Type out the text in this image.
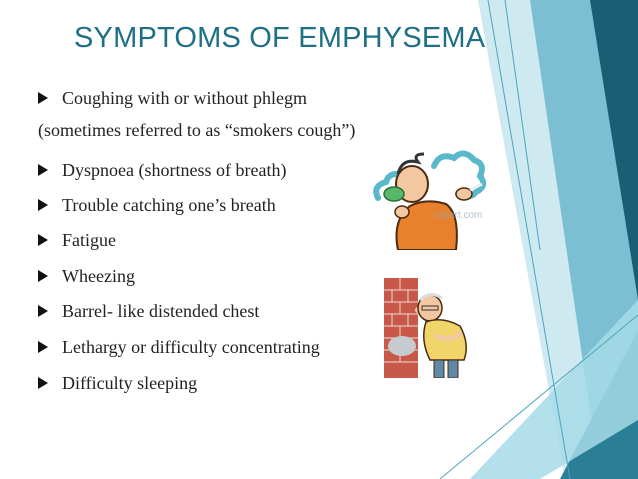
SYMPTOMS OF EMPHYSEMA
Coughing with or without phlegm
(sometimes referred to as “smokers cough”)
Dyspnoea (shortness of breath)
Trouble catching one’s breath
Fatigue
Wheezing
Barrel- like distended chest
Lethargy or difficulty concentrating
Difficulty sleeping
clipart.com
